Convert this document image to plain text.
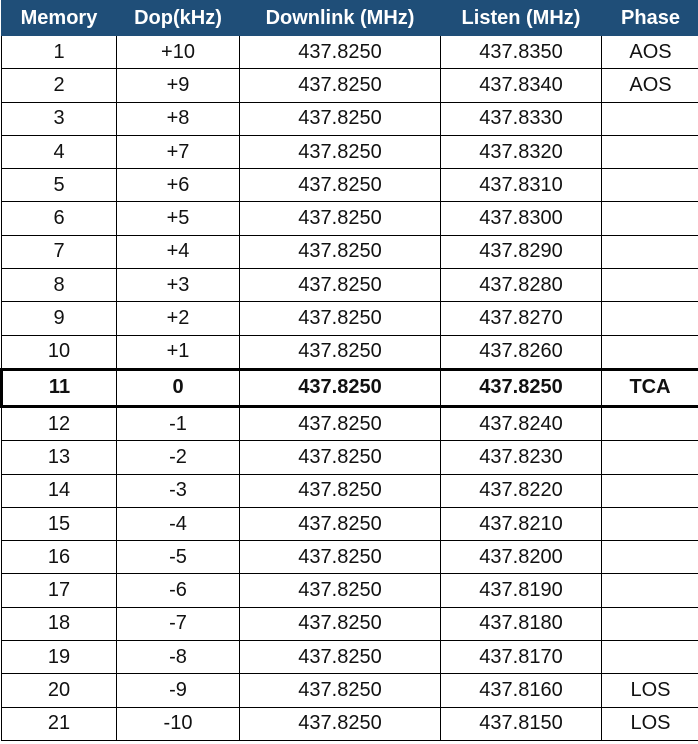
Memory	Dop(kHz)	Downlink (MHz)	Listen (MHz)	Phase
1	+10	437.8250	437.8350	AOS
2	+9	437.8250	437.8340	AOS
3	+8	437.8250	437.8330	
4	+7	437.8250	437.8320	
5	+6	437.8250	437.8310	
6	+5	437.8250	437.8300	
7	+4	437.8250	437.8290	
8	+3	437.8250	437.8280	
9	+2	437.8250	437.8270	
10	+1	437.8250	437.8260	
11	0	437.8250	437.8250	TCA
12	-1	437.8250	437.8240	
13	-2	437.8250	437.8230	
14	-3	437.8250	437.8220	
15	-4	437.8250	437.8210	
16	-5	437.8250	437.8200	
17	-6	437.8250	437.8190	
18	-7	437.8250	437.8180	
19	-8	437.8250	437.8170	
20	-9	437.8250	437.8160	LOS
21	-10	437.8250	437.8150	LOS
